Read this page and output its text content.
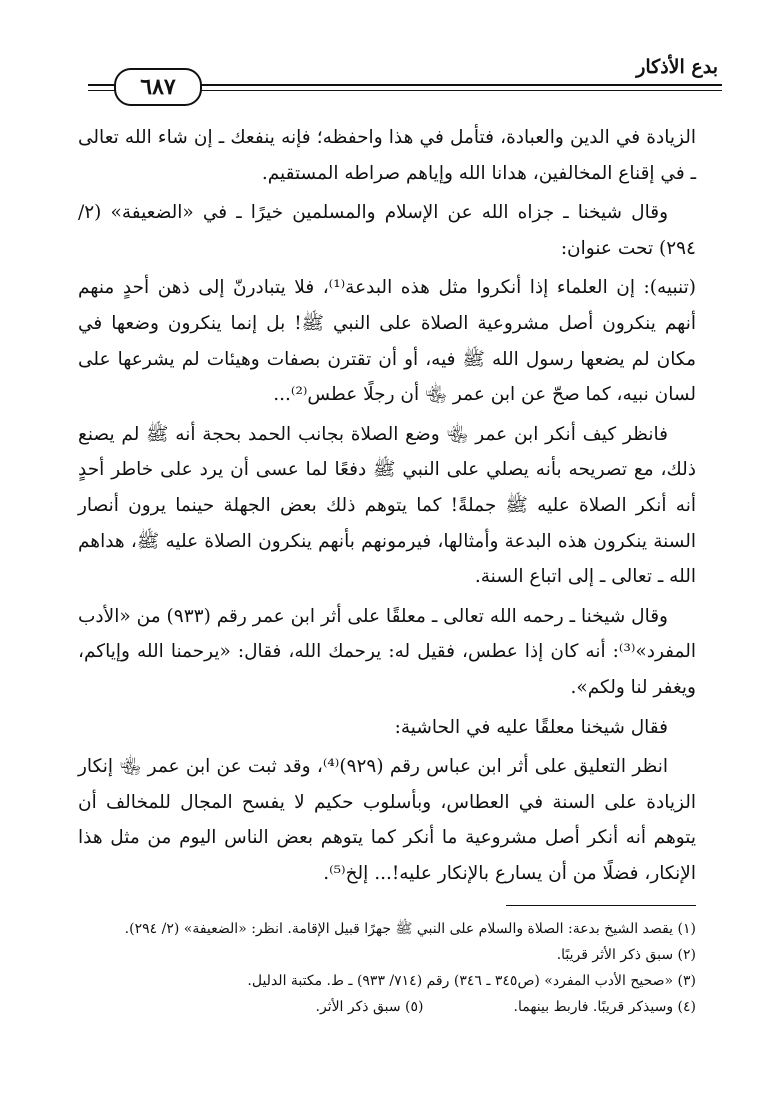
بدع الأذكار
٦٨٧

الزيادة في الدين والعبادة، فتأمل في هذا واحفظه؛ فإنه ينفعك ـ إن شاء الله تعالى ـ في إقناع المخالفين، هدانا الله وإياهم صراطه المستقيم.

وقال شيخنا ـ جزاه الله عن الإسلام والمسلمين خيرًا ـ في «الضعيفة» (٢/ ٢٩٤) تحت عنوان:

(تنبيه): إن العلماء إذا أنكروا مثل هذه البدعة⁽¹⁾، فلا يتبادرنّ إلى ذهن أحدٍ منهم أنهم ينكرون أصل مشروعية الصلاة على النبي ﷺ! بل إنما ينكرون وضعها في مكان لم يضعها رسول الله ﷺ فيه، أو أن تقترن بصفات وهيئات لم يشرعها على لسان نبيه، كما صحّ عن ابن عمر ﵄ أن رجلًا عطس⁽²⁾...

فانظر كيف أنكر ابن عمر ﵄ وضع الصلاة بجانب الحمد بحجة أنه ﷺ لم يصنع ذلك، مع تصريحه بأنه يصلي على النبي ﷺ دفعًا لما عسى أن يرد على خاطر أحدٍ أنه أنكر الصلاة عليه ﷺ جملةً! كما يتوهم ذلك بعض الجهلة حينما يرون أنصار السنة ينكرون هذه البدعة وأمثالها، فيرمونهم بأنهم ينكرون الصلاة عليه ﷺ، هداهم الله ـ تعالى ـ إلى اتباع السنة.

وقال شيخنا ـ رحمه الله تعالى ـ معلقًا على أثر ابن عمر رقم (٩٣٣) من «الأدب المفرد»⁽³⁾: أنه كان إذا عطس، فقيل له: يرحمك الله، فقال: «يرحمنا الله وإياكم، ويغفر لنا ولكم».

فقال شيخنا معلقًا عليه في الحاشية:

انظر التعليق على أثر ابن عباس رقم (٩٢٩)⁽⁴⁾، وقد ثبت عن ابن عمر ﵄ إنكار الزيادة على السنة في العطاس، وبأسلوب حكيم لا يفسح المجال للمخالف أن يتوهم أنه أنكر أصل مشروعية ما أنكر كما يتوهم بعض الناس اليوم من مثل هذا الإنكار، فضلًا من أن يسارع بالإنكار عليه!... إلخ⁽⁵⁾.

(١) يقصد الشيخ بدعة: الصلاة والسلام على النبي ﷺ جهرًا قبيل الإقامة. انظر: «الضعيفة» (٢/ ٢٩٤).

(٢) سبق ذكر الأثر قريبًا.

(٣) «صحيح الأدب المفرد» (ص٣٤٥ ـ ٣٤٦) رقم (٧١٤/ ٩٣٣) ـ ط. مكتبة الدليل.

(٤) وسيذكر قريبًا. فاربط بينهما.
(٥) سبق ذكر الأثر.
